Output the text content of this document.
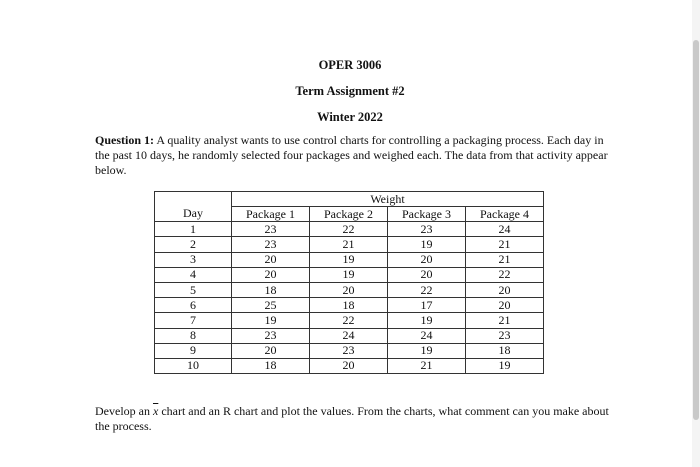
OPER 3006
Term Assignment #2
Winter 2022
Question 1: A quality analyst wants to use control charts for controlling a packaging process. Each day in the past 10 days, he randomly selected four packages and weighed each. The data from that activity appear below.
	Weight			
Day	Package 1	Package 2	Package 3	Package 4
1	23	22	23	24
2	23	21	19	21
3	20	19	20	21
4	20	19	20	22
5	18	20	22	20
6	25	18	17	20
7	19	22	19	21
8	23	24	24	23
9	20	23	19	18
10	18	20	21	19
Develop an $\overline{x}$ chart and an R chart and plot the values. From the charts, what comment can you make about the process.
